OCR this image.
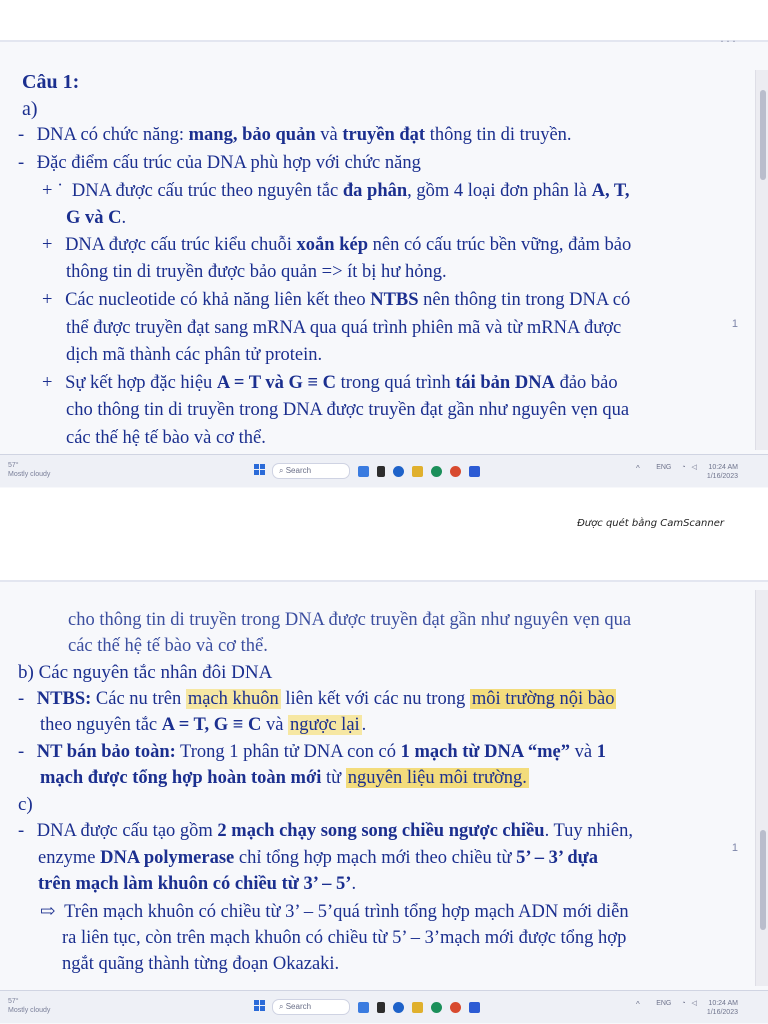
Được quét bằng CamScanner
···
1
Câu 1:
a)
- DNA có chức năng: mang, bảo quản và truyền đạt thông tin di truyền.
- Đặc điểm cấu trúc của DNA phù hợp với chức năng
+ ˙ DNA được cấu trúc theo nguyên tắc đa phân, gồm 4 loại đơn phân là A, T,
G và C.
+ DNA được cấu trúc kiểu chuỗi xoắn kép nên có cấu trúc bền vững, đảm bảo
thông tin di truyền được bảo quản => ít bị hư hỏng.
+ Các nucleotide có khả năng liên kết theo NTBS nên thông tin trong DNA có
thể được truyền đạt sang mRNA qua quá trình phiên mã và từ mRNA được
dịch mã thành các phân tử protein.
+ Sự kết hợp đặc hiệu A = T và G ≡ C trong quá trình tái bản DNA đảo bảo
cho thông tin di truyền trong DNA được truyền đạt gần như nguyên vẹn qua
các thế hệ tế bào và cơ thể.
57°
Mostly cloudy	⌕ Search	^ ENG ◔ ◁ 10:24 AM
1/16/2023
1
cho thông tin di truyền trong DNA được truyền đạt gần như nguyên vẹn qua
các thế hệ tế bào và cơ thể.
b) Các nguyên tắc nhân đôi DNA
- NTBS: Các nu trên mạch khuôn liên kết với các nu trong môi trường nội bào
theo nguyên tắc A = T, G ≡ C và ngược lại .
- NT bán bảo toàn: Trong 1 phân tử DNA con có 1 mạch từ DNA “mẹ” và 1
mạch được tổng hợp hoàn toàn mới từ nguyên liệu môi trường.
c)
- DNA được cấu tạo gồm 2 mạch chạy song song chiều ngược chiều. Tuy nhiên,
enzyme DNA polymerase chỉ tổng hợp mạch mới theo chiều từ 5’ – 3’ dựa
trên mạch làm khuôn có chiều từ 3’ – 5’.
⇨ Trên mạch khuôn có chiều từ 3’ – 5’quá trình tổng hợp mạch ADN mới diễn
ra liên tục, còn trên mạch khuôn có chiều từ 5’ – 3’mạch mới được tổng hợp
ngắt quãng thành từng đoạn Okazaki.
57°
Mostly cloudy	⌕ Search	^ ENG ◔ ◁ 10:24 AM
1/16/2023
